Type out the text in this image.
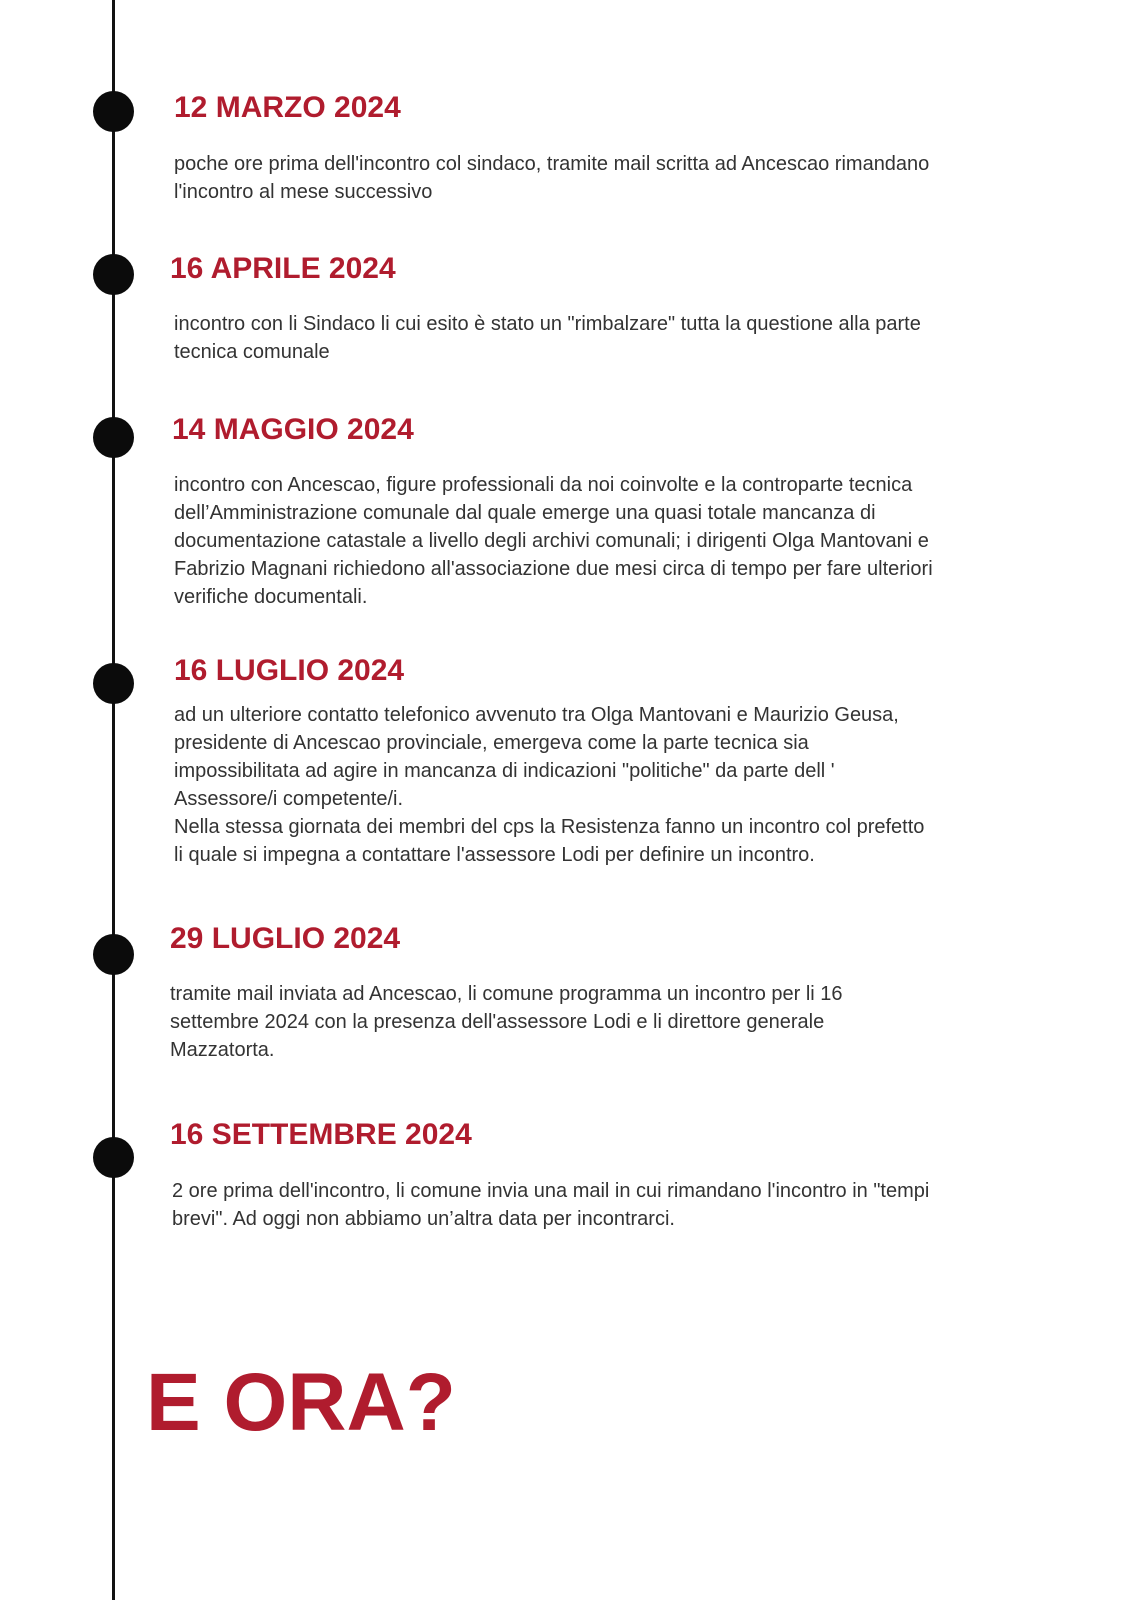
12 MARZO 2024

poche ore prima dell'incontro col sindaco, tramite mail scritta ad Ancescao rimandano
l'incontro al mese successivo

16 APRILE 2024

incontro con li Sindaco li cui esito è stato un "rimbalzare" tutta la questione alla parte
tecnica comunale

14 MAGGIO 2024

incontro con Ancescao, figure professionali da noi coinvolte e la controparte tecnica
dell’Amministrazione comunale dal quale emerge una quasi totale mancanza di
documentazione catastale a livello degli archivi comunali; i dirigenti Olga Mantovani e
Fabrizio Magnani richiedono all'associazione due mesi circa di tempo per fare ulteriori
verifiche documentali.

16 LUGLIO 2024

ad un ulteriore contatto telefonico avvenuto tra Olga Mantovani e Maurizio Geusa,
presidente di Ancescao provinciale, emergeva come la parte tecnica sia
impossibilitata ad agire in mancanza di indicazioni "politiche" da parte dell '
Assessore/i competente/i.
Nella stessa giornata dei membri del cps la Resistenza fanno un incontro col prefetto
li quale si impegna a contattare l'assessore Lodi per definire un incontro.

29 LUGLIO 2024

tramite mail inviata ad Ancescao, li comune programma un incontro per li 16
settembre 2024 con la presenza dell'assessore Lodi e li direttore generale
Mazzatorta.

16 SETTEMBRE 2024

2 ore prima dell'incontro, li comune invia una mail in cui rimandano l'incontro in "tempi
brevi". Ad oggi non abbiamo un’altra data per incontrarci.

E ORA?
